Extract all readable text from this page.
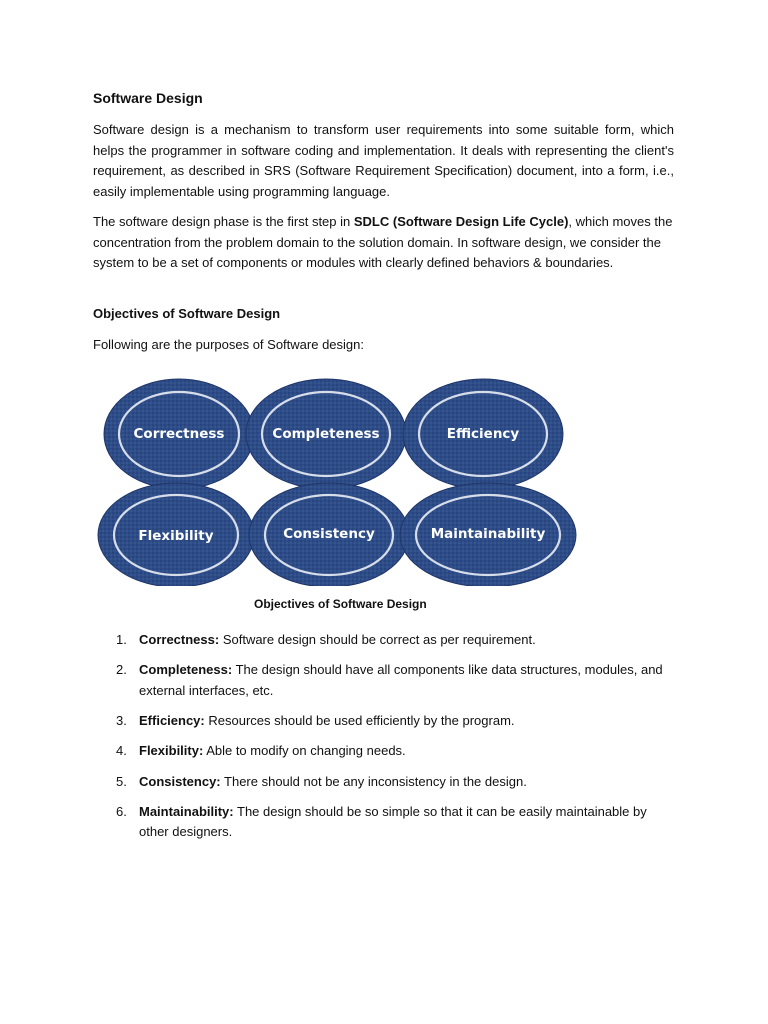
Software Design
Software design is a mechanism to transform user requirements into some suitable form, which helps the programmer in software coding and implementation. It deals with representing the client's requirement, as described in SRS (Software Requirement Specification) document, into a form, i.e., easily implementable using programming language.
The software design phase is the first step in SDLC (Software Design Life Cycle), which moves the concentration from the problem domain to the solution domain. In software design, we consider the system to be a set of components or modules with clearly defined behaviors & boundaries.
Objectives of Software Design
Following are the purposes of Software design:
Correctness	Completeness	Efficiency
Flexibility	Consistency	Maintainability
Objectives of Software Design
1. Correctness: Software design should be correct as per requirement.
2. Completeness: The design should have all components like data structures, modules, and external interfaces, etc.
3. Efficiency: Resources should be used efficiently by the program.
4. Flexibility: Able to modify on changing needs.
5. Consistency: There should not be any inconsistency in the design.
6. Maintainability: The design should be so simple so that it can be easily maintainable by other designers.
